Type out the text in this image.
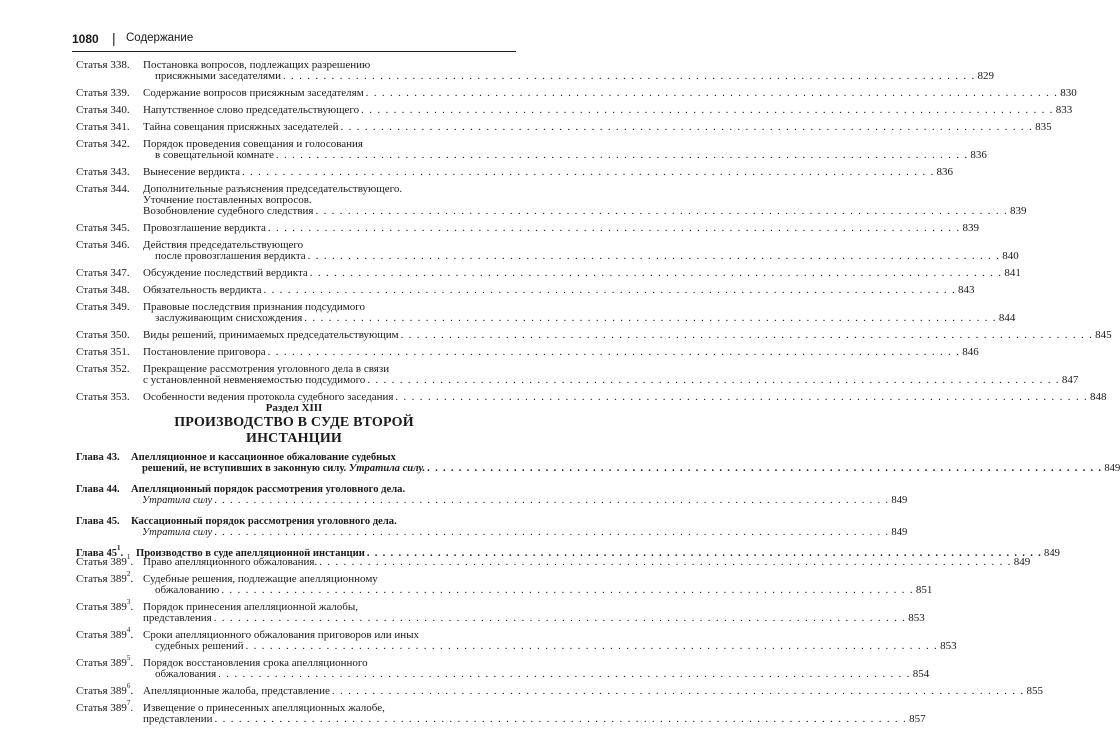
1080 | Содержание
Статья 338. Постановка вопросов, подлежащих разрешению
присяжными заседателями . . . . . . . . . . . . . . . . . . . . . . . . . . . . . . . . . . . . . . . . . . . . . . . . . . . . . . . . . . . . . . . . . . . . . . . . . . . . . . . . . . . . . . 829
Статья 339. Содержание вопросов присяжным заседателям . . . . . . . . . . . . . . . . . . . . . . . . . . . . . . . . . . . . . . . . . . . . . . . . . . . . . . . . . . . . . . . . . . . . . . . . . . . . . . . . . . . . . . 830
Статья 340. Напутственное слово председательствующего . . . . . . . . . . . . . . . . . . . . . . . . . . . . . . . . . . . . . . . . . . . . . . . . . . . . . . . . . . . . . . . . . . . . . . . . . . . . . . . . . . . . . . 833
Статья 341. Тайна совещания присяжных заседателей . . . . . . . . . . . . . . . . . . . . . . . . . . . . . . . . . . . . . . . . . . . . . . . . . . . . . . . . . . . . . . . . . . . . . . . . . . . . . . . . . . . . . . 835
Статья 342. Порядок проведения совещания и голосования
в совещательной комнате . . . . . . . . . . . . . . . . . . . . . . . . . . . . . . . . . . . . . . . . . . . . . . . . . . . . . . . . . . . . . . . . . . . . . . . . . . . . . . . . . . . . . . 836
Статья 343. Вынесение вердикта . . . . . . . . . . . . . . . . . . . . . . . . . . . . . . . . . . . . . . . . . . . . . . . . . . . . . . . . . . . . . . . . . . . . . . . . . . . . . . . . . . . . . . 836
Статья 344. Дополнительные разъяснения председательствующего.
Уточнение поставленных вопросов.
Возобновление судебного следствия . . . . . . . . . . . . . . . . . . . . . . . . . . . . . . . . . . . . . . . . . . . . . . . . . . . . . . . . . . . . . . . . . . . . . . . . . . . . . . . . . . . . . . 839
Статья 345. Провозглашение вердикта . . . . . . . . . . . . . . . . . . . . . . . . . . . . . . . . . . . . . . . . . . . . . . . . . . . . . . . . . . . . . . . . . . . . . . . . . . . . . . . . . . . . . . 839
Статья 346. Действия председательствующего
после провозглашения вердикта . . . . . . . . . . . . . . . . . . . . . . . . . . . . . . . . . . . . . . . . . . . . . . . . . . . . . . . . . . . . . . . . . . . . . . . . . . . . . . . . . . . . . . 840
Статья 347. Обсуждение последствий вердикта . . . . . . . . . . . . . . . . . . . . . . . . . . . . . . . . . . . . . . . . . . . . . . . . . . . . . . . . . . . . . . . . . . . . . . . . . . . . . . . . . . . . . . 841
Статья 348. Обязательность вердикта . . . . . . . . . . . . . . . . . . . . . . . . . . . . . . . . . . . . . . . . . . . . . . . . . . . . . . . . . . . . . . . . . . . . . . . . . . . . . . . . . . . . . . 843
Статья 349. Правовые последствия признания подсудимого
заслуживающим снисхождения . . . . . . . . . . . . . . . . . . . . . . . . . . . . . . . . . . . . . . . . . . . . . . . . . . . . . . . . . . . . . . . . . . . . . . . . . . . . . . . . . . . . . . 844
Статья 350. Виды решений, принимаемых председательствующим . . . . . . . . . . . . . . . . . . . . . . . . . . . . . . . . . . . . . . . . . . . . . . . . . . . . . . . . . . . . . . . . . . . . . . . . . . . . . . . . . . . . . . 845
Статья 351. Постановление приговора . . . . . . . . . . . . . . . . . . . . . . . . . . . . . . . . . . . . . . . . . . . . . . . . . . . . . . . . . . . . . . . . . . . . . . . . . . . . . . . . . . . . . . 846
Статья 352. Прекращение рассмотрения уголовного дела в связи
с установленной невменяемостью подсудимого . . . . . . . . . . . . . . . . . . . . . . . . . . . . . . . . . . . . . . . . . . . . . . . . . . . . . . . . . . . . . . . . . . . . . . . . . . . . . . . . . . . . . . 847
Статья 353. Особенности ведения протокола судебного заседания . . . . . . . . . . . . . . . . . . . . . . . . . . . . . . . . . . . . . . . . . . . . . . . . . . . . . . . . . . . . . . . . . . . . . . . . . . . . . . . . . . . . . . 848
Раздел XIII
ПРОИЗВОДСТВО В СУДЕ ВТОРОЙ
ИНСТАНЦИИ
Глава 43. Апелляционное и кассационное обжалование судебных
решений, не вступивших в законную силу. Утратила силу. . . . . . . . . . . . . . . . . . . . . . . . . . . . . . . . . . . . . . . . . . . . . . . . . . . . . . . . . . . . . . . . . . . . . . . . . . . . . . . . . . . . . . . 849
Глава 44. Апелляционный порядок рассмотрения уголовного дела.
Утратила силу . . . . . . . . . . . . . . . . . . . . . . . . . . . . . . . . . . . . . . . . . . . . . . . . . . . . . . . . . . . . . . . . . . . . . . . . . . . . . . . . . . . . . . 849
Глава 45. Кассационный порядок рассмотрения уголовного дела.
Утратила силу . . . . . . . . . . . . . . . . . . . . . . . . . . . . . . . . . . . . . . . . . . . . . . . . . . . . . . . . . . . . . . . . . . . . . . . . . . . . . . . . . . . . . . 849
Глава $45^1$. Производство в суде апелляционной инстанции . . . . . . . . . . . . . . . . . . . . . . . . . . . . . . . . . . . . . . . . . . . . . . . . . . . . . . . . . . . . . . . . . . . . . . . . . . . . . . . . . . . . . . 849
Статья $389^1$. Право апелляционного обжалования. . . . . . . . . . . . . . . . . . . . . . . . . . . . . . . . . . . . . . . . . . . . . . . . . . . . . . . . . . . . . . . . . . . . . . . . . . . . . . . . . . . . . . . 849
Статья $389^2$. Судебные решения, подлежащие апелляционному
обжалованию . . . . . . . . . . . . . . . . . . . . . . . . . . . . . . . . . . . . . . . . . . . . . . . . . . . . . . . . . . . . . . . . . . . . . . . . . . . . . . . . . . . . . . 851
Статья $389^3$. Порядок принесения апелляционной жалобы,
представления . . . . . . . . . . . . . . . . . . . . . . . . . . . . . . . . . . . . . . . . . . . . . . . . . . . . . . . . . . . . . . . . . . . . . . . . . . . . . . . . . . . . . . 853
Статья $389^4$. Сроки апелляционного обжалования приговоров или иных
судебных решений . . . . . . . . . . . . . . . . . . . . . . . . . . . . . . . . . . . . . . . . . . . . . . . . . . . . . . . . . . . . . . . . . . . . . . . . . . . . . . . . . . . . . . 853
Статья $389^5$. Порядок восстановления срока апелляционного
обжалования . . . . . . . . . . . . . . . . . . . . . . . . . . . . . . . . . . . . . . . . . . . . . . . . . . . . . . . . . . . . . . . . . . . . . . . . . . . . . . . . . . . . . . 854
Статья $389^6$. Апелляционные жалоба, представление . . . . . . . . . . . . . . . . . . . . . . . . . . . . . . . . . . . . . . . . . . . . . . . . . . . . . . . . . . . . . . . . . . . . . . . . . . . . . . . . . . . . . . 855
Статья $389^7$. Извещение о принесенных апелляционных жалобе,
представлении . . . . . . . . . . . . . . . . . . . . . . . . . . . . . . . . . . . . . . . . . . . . . . . . . . . . . . . . . . . . . . . . . . . . . . . . . . . . . . . . . . . . . . 857
